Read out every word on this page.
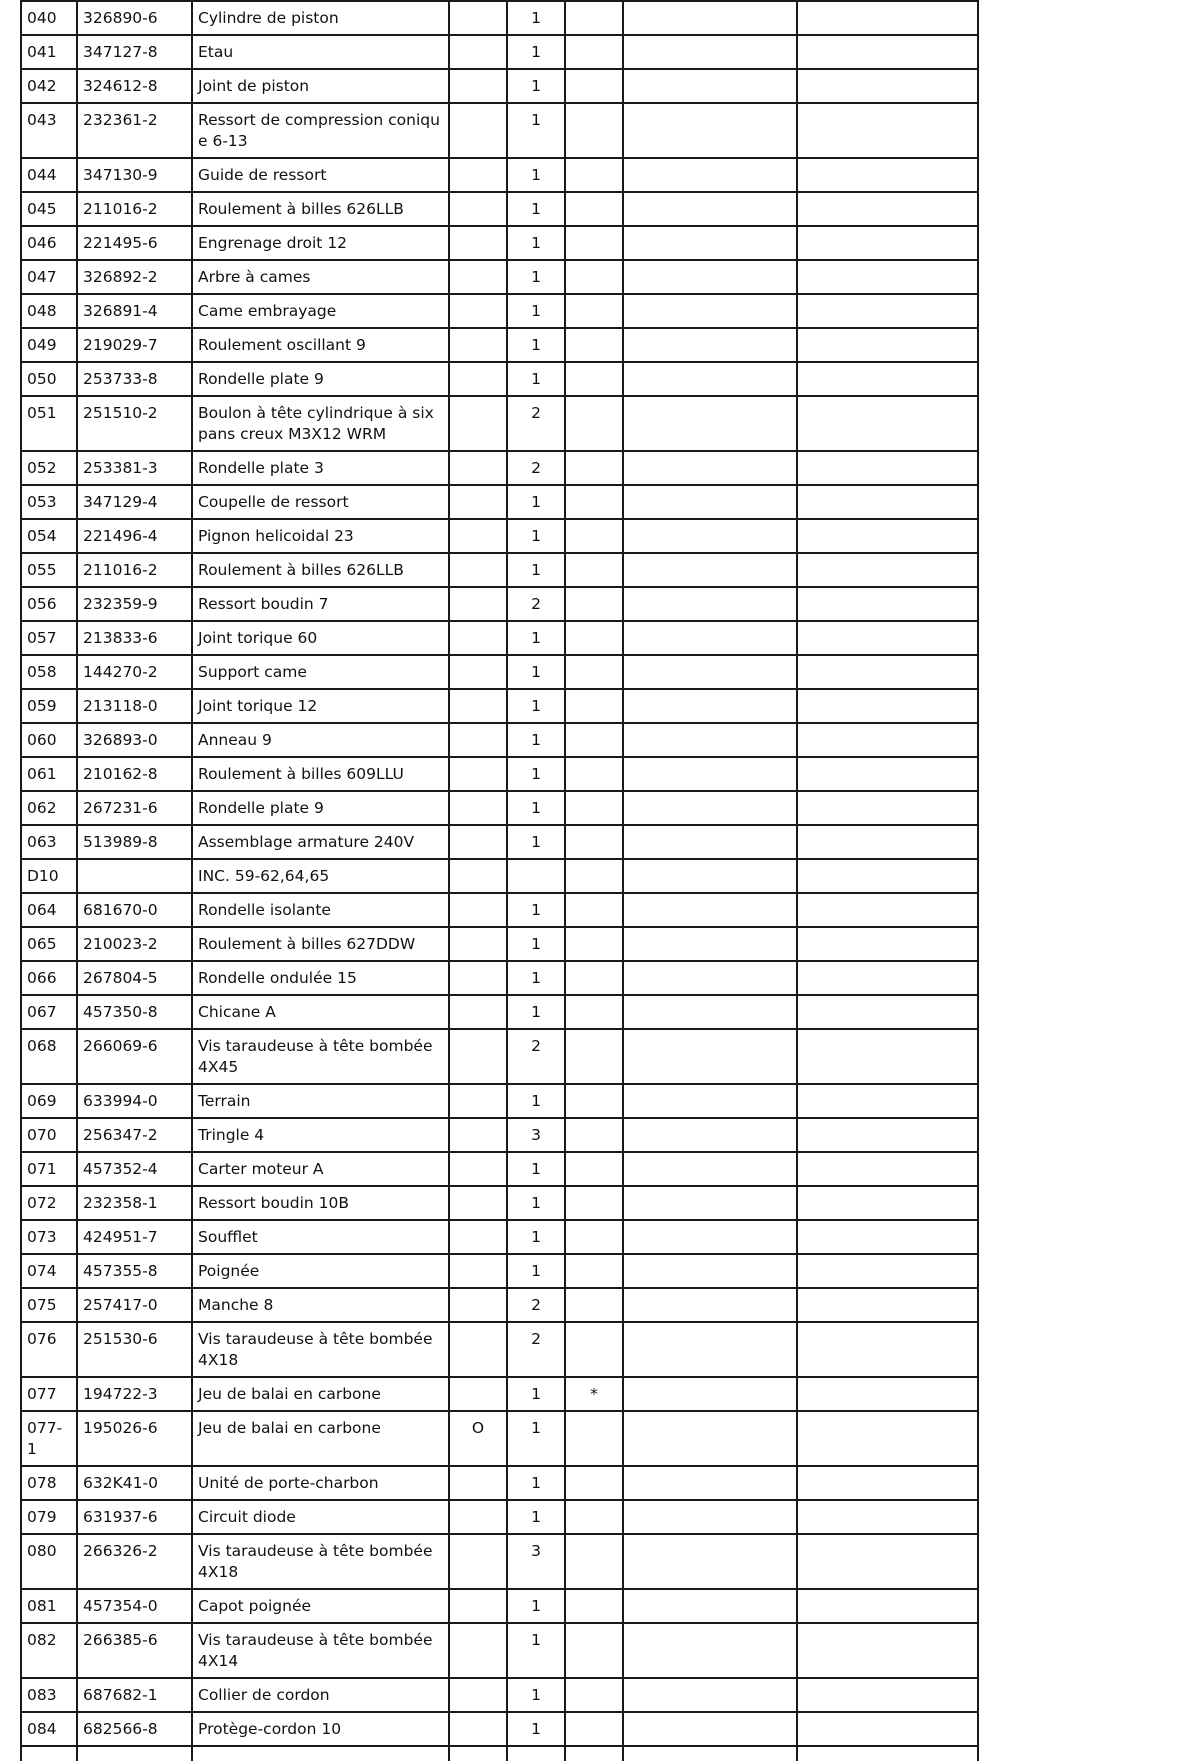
040	326890-6	Cylindre de piston		1			
041	347127-8	Etau		1			
042	324612-8	Joint de piston		1			
043	232361-2	Ressort de compression conique 6-13		1			
044	347130-9	Guide de ressort		1			
045	211016-2	Roulement à billes 626LLB		1			
046	221495-6	Engrenage droit 12		1			
047	326892-2	Arbre à cames		1			
048	326891-4	Came embrayage		1			
049	219029-7	Roulement oscillant 9		1			
050	253733-8	Rondelle plate 9		1			
051	251510-2	Boulon à tête cylindrique à six pans creux M3X12 WRM		2			
052	253381-3	Rondelle plate 3		2			
053	347129-4	Coupelle de ressort		1			
054	221496-4	Pignon helicoidal 23		1			
055	211016-2	Roulement à billes 626LLB		1			
056	232359-9	Ressort boudin 7		2			
057	213833-6	Joint torique 60		1			
058	144270-2	Support came		1			
059	213118-0	Joint torique 12		1			
060	326893-0	Anneau 9		1			
061	210162-8	Roulement à billes 609LLU		1			
062	267231-6	Rondelle plate 9		1			
063	513989-8	Assemblage armature 240V		1			
D10		INC. 59-62,64,65					
064	681670-0	Rondelle isolante		1			
065	210023-2	Roulement à billes 627DDW		1			
066	267804-5	Rondelle ondulée 15		1			
067	457350-8	Chicane A		1			
068	266069-6	Vis taraudeuse à tête bombée 4X45		2			
069	633994-0	Terrain		1			
070	256347-2	Tringle 4		3			
071	457352-4	Carter moteur A		1			
072	232358-1	Ressort boudin 10B		1			
073	424951-7	Soufflet		1			
074	457355-8	Poignée		1			
075	257417-0	Manche 8		2			
076	251530-6	Vis taraudeuse à tête bombée 4X18		2			
077	194722-3	Jeu de balai en carbone		1	*		
077-1	195026-6	Jeu de balai en carbone	O	1			
078	632K41-0	Unité de porte-charbon		1			
079	631937-6	Circuit diode		1			
080	266326-2	Vis taraudeuse à tête bombée 4X18		3			
081	457354-0	Capot poignée		1			
082	266385-6	Vis taraudeuse à tête bombée 4X14		1			
083	687682-1	Collier de cordon		1			
084	682566-8	Protège-cordon 10		1			
